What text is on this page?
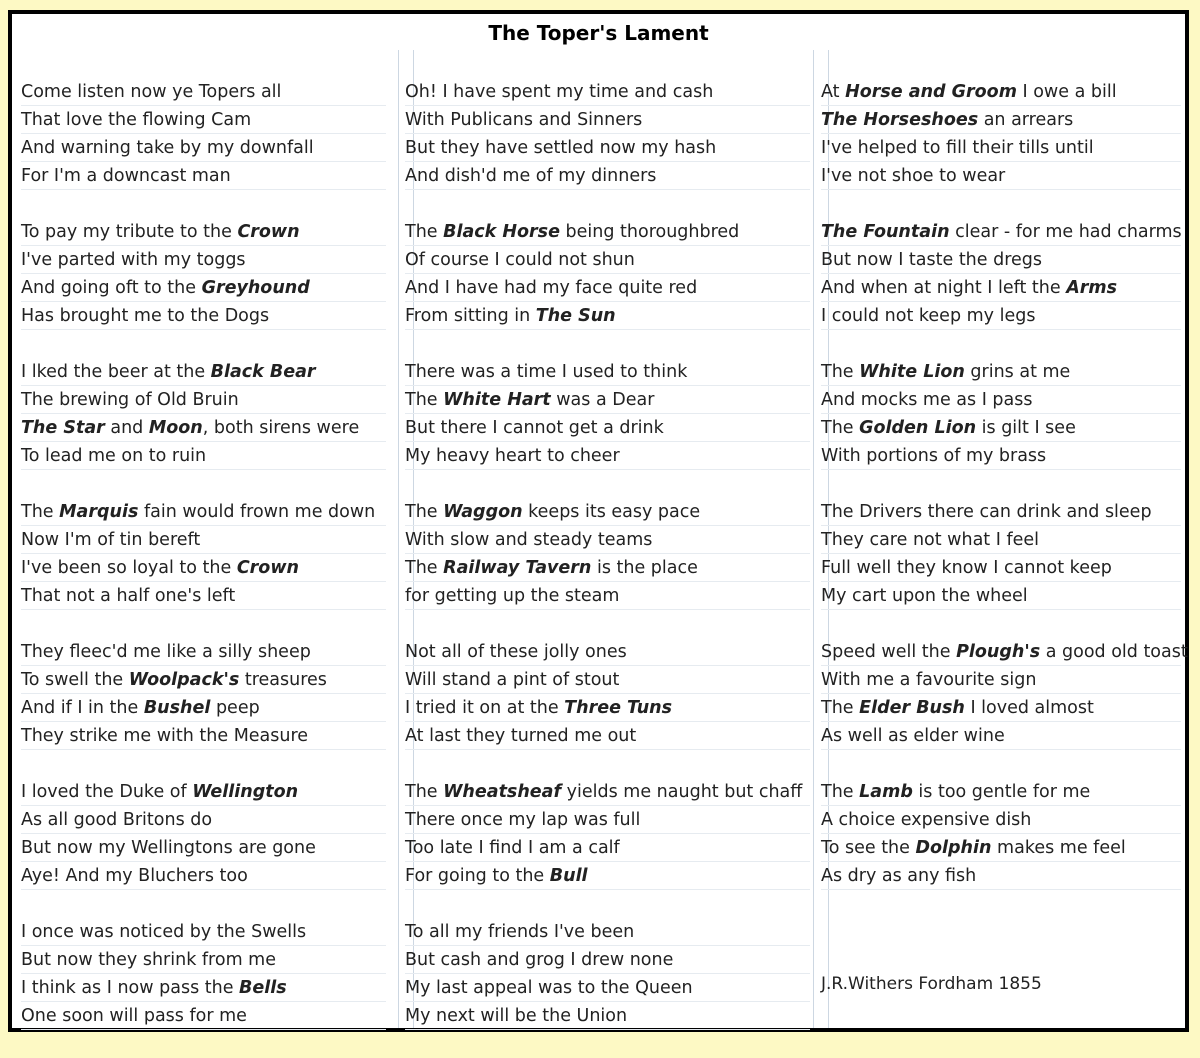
The Toper's Lament
Come listen now ye Topers all
That love the flowing Cam
And warning take by my downfall
For I'm a downcast man
To pay my tribute to the Crown
I've parted with my toggs
And going oft to the Greyhound
Has brought me to the Dogs
I lked the beer at the Black Bear
The brewing of Old Bruin
The Star and Moon, both sirens were
To lead me on to ruin
The Marquis fain would frown me down
Now I'm of tin bereft
I've been so loyal to the Crown
That not a half one's left
They fleec'd me like a silly sheep
To swell the Woolpack's treasures
And if I in the Bushel peep
They strike me with the Measure
I loved the Duke of Wellington
As all good Britons do
But now my Wellingtons are gone
Aye! And my Bluchers too
I once was noticed by the Swells
But now they shrink from me
I think as I now pass the Bells
One soon will pass for me
Oh! I have spent my time and cash
With Publicans and Sinners
But they have settled now my hash
And dish'd me of my dinners
The Black Horse being thoroughbred
Of course I could not shun
And I have had my face quite red
From sitting in The Sun
There was a time I used to think
The White Hart was a Dear
But there I cannot get a drink
My heavy heart to cheer
The Waggon keeps its easy pace
With slow and steady teams
The Railway Tavern is the place
for getting up the steam
Not all of these jolly ones
Will stand a pint of stout
I tried it on at the Three Tuns
At last they turned me out
The Wheatsheaf yields me naught but chaff
There once my lap was full
Too late I find I am a calf
For going to the Bull
To all my friends I've been
But cash and grog I drew none
My last appeal was to the Queen
My next will be the Union
At Horse and Groom I owe a bill
The Horseshoes an arrears
I've helped to fill their tills until
I've not shoe to wear
The Fountain clear - for me had charms
But now I taste the dregs
And when at night I left the Arms
I could not keep my legs
The White Lion grins at me
And mocks me as I pass
The Golden Lion is gilt I see
With portions of my brass
The Drivers there can drink and sleep
They care not what I feel
Full well they know I cannot keep
My cart upon the wheel
Speed well the Plough's a good old toast
With me a favourite sign
The Elder Bush I loved almost
As well as elder wine
The Lamb is too gentle for me
A choice expensive dish
To see the Dolphin makes me feel
As dry as any fish
J.R.Withers Fordham 1855
